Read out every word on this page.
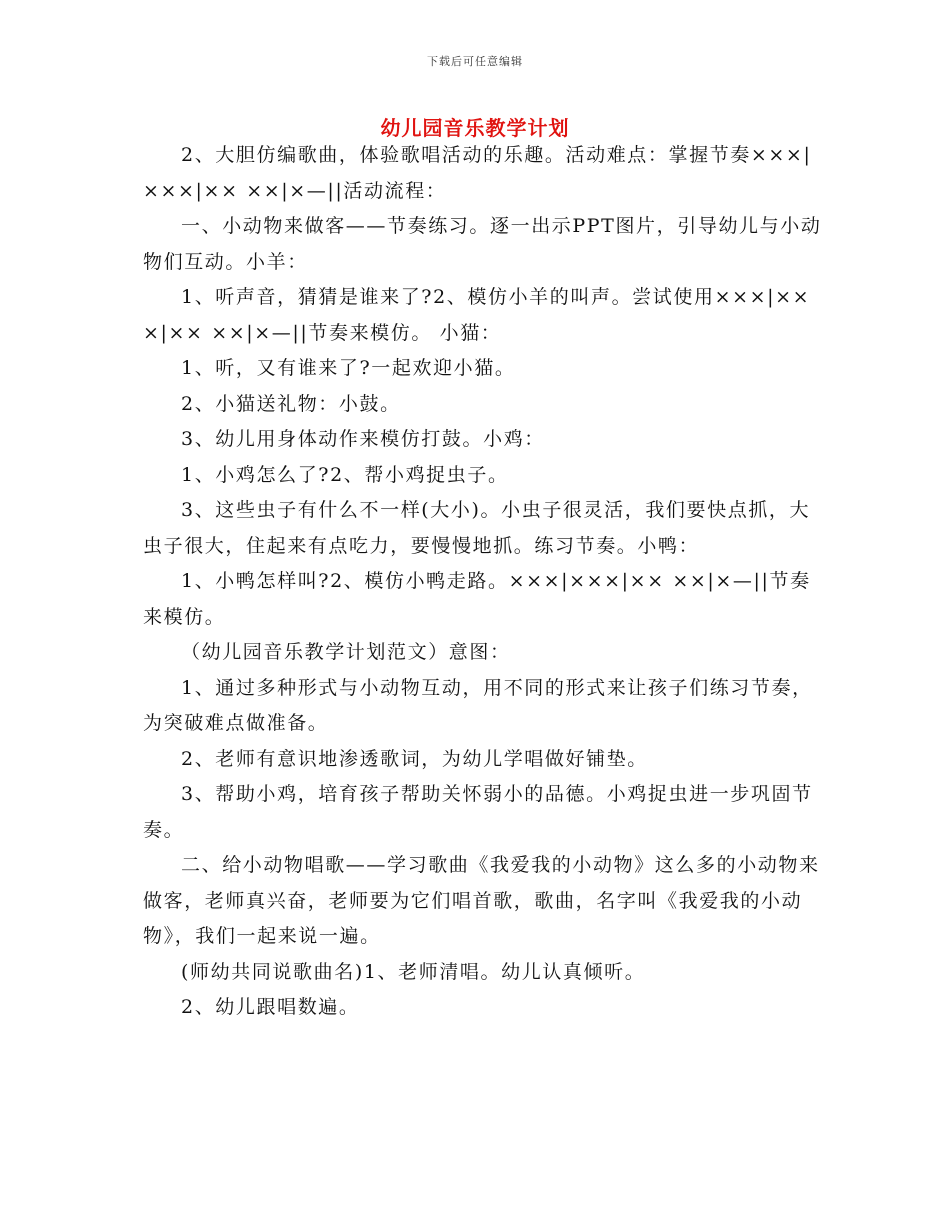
下载后可任意编辑
幼儿园音乐教学计划

2、大胆仿编歌曲，体验歌唱活动的乐趣。活动难点：掌握节奏×××|×××|×× ××|×—||活动流程：

一、小动物来做客——节奏练习。逐一出示PPT图片，引导幼儿与小动物们互动。小羊：

1、听声音，猜猜是谁来了?2、模仿小羊的叫声。尝试使用×××|×××|×× ××|×—||节奏来模仿。 小猫：

1、听，又有谁来了?一起欢迎小猫。

2、小猫送礼物：小鼓。

3、幼儿用身体动作来模仿打鼓。小鸡：

1、小鸡怎么了?2、帮小鸡捉虫子。

3、这些虫子有什么不一样(大小)。小虫子很灵活，我们要快点抓，大虫子很大，住起来有点吃力，要慢慢地抓。练习节奏。小鸭：

1、小鸭怎样叫?2、模仿小鸭走路。×××|×××|×× ××|×—||节奏来模仿。

（幼儿园音乐教学计划范文）意图：

1、通过多种形式与小动物互动，用不同的形式来让孩子们练习节奏，为突破难点做准备。

2、老师有意识地渗透歌词，为幼儿学唱做好铺垫。

3、帮助小鸡，培育孩子帮助关怀弱小的品德。小鸡捉虫进一步巩固节奏。

二、给小动物唱歌——学习歌曲《我爱我的小动物》这么多的小动物来做客，老师真兴奋，老师要为它们唱首歌，歌曲，名字叫《我爱我的小动物》，我们一起来说一遍。

(师幼共同说歌曲名)1、老师清唱。幼儿认真倾听。

2、幼儿跟唱数遍。
